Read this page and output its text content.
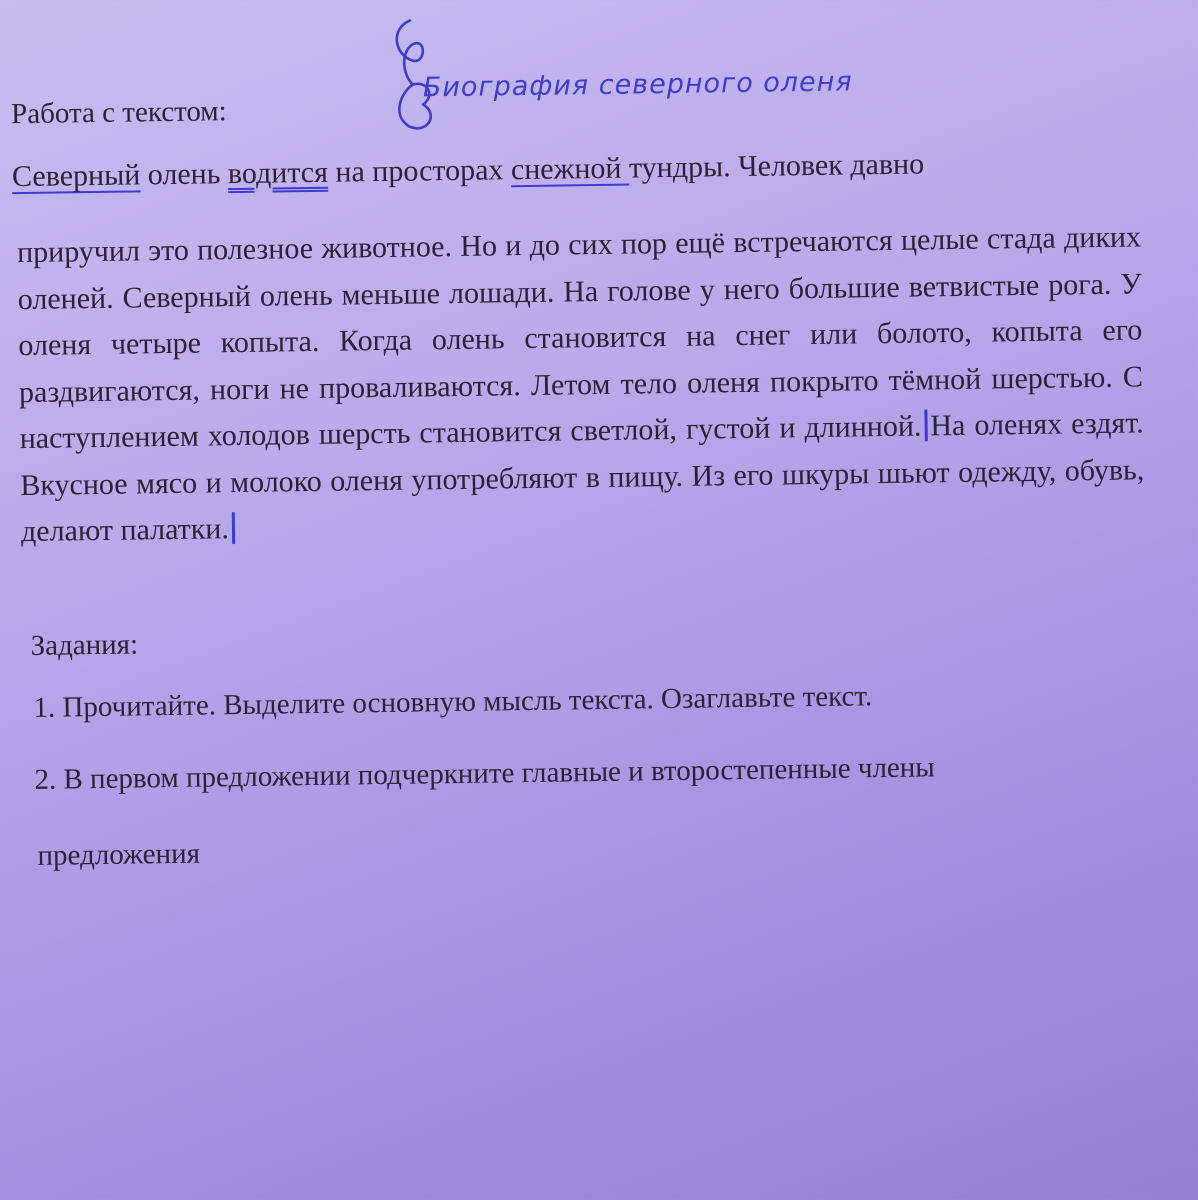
Работа с текстом:
Биография северного оленя
Северный олень водится на просторах снежной тундры. Человек давно
приручил это полезное животное. Но и до сих пор ещё встречаются целые стада диких оленей. Северный олень меньше лошади. На голове у него большие ветвистые рога. У оленя четыре копыта. Когда олень становится на снег или болото, копыта его раздвигаются, ноги не проваливаются. Летом тело оленя покрыто тёмной шерстью. С наступлением холодов шерсть становится светлой, густой и длинной. На оленях ездят. Вкусное мясо и молоко оленя употребляют в пищу. Из его шкуры шьют одежду, обувь, делают палатки.
Задания:
1. Прочитайте. Выделите основную мысль текста. Озаглавьте текст.
2. В первом предложении подчеркните главные и второстепенные члены
предложения
